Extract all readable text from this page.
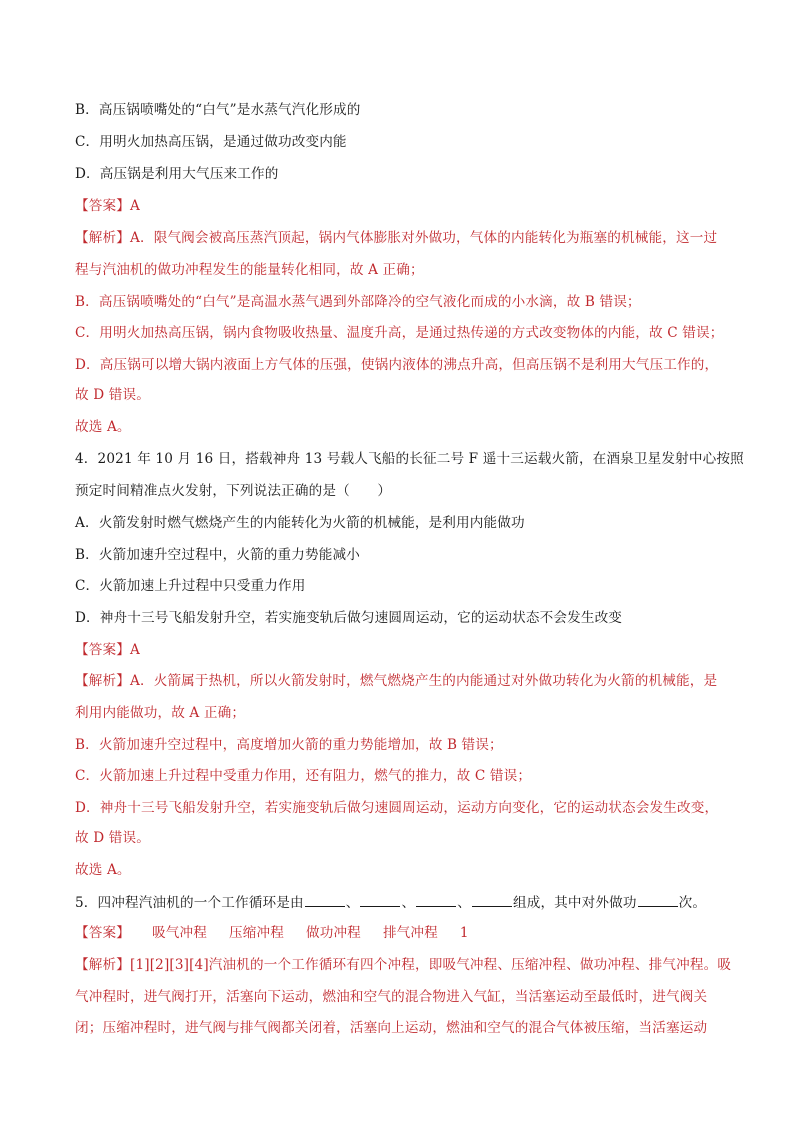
B．高压锅喷嘴处的“白气”是水蒸气汽化形成的
C．用明火加热高压锅，是通过做功改变内能
D．高压锅是利用大气压来工作的
【答案】A
【解析】A．限气阀会被高压蒸汽顶起，锅内气体膨胀对外做功，气体的内能转化为瓶塞的机械能，这一过
程与汽油机的做功冲程发生的能量转化相同，故 A 正确；
B．高压锅喷嘴处的“白气”是高温水蒸气遇到外部降冷的空气液化而成的小水滴，故 B 错误；
C．用明火加热高压锅，锅内食物吸收热量、温度升高，是通过热传递的方式改变物体的内能，故 C 错误；
D．高压锅可以增大锅内液面上方气体的压强，使锅内液体的沸点升高，但高压锅不是利用大气压工作的，
故 D 错误。
故选 A。
4．2021 年 10 月 16 日，搭载神舟 13 号载人飞船的长征二号 F 遥十三运载火箭，在酒泉卫星发射中心按照
预定时间精准点火发射，下列说法正确的是（　　）
A．火箭发射时燃气燃烧产生的内能转化为火箭的机械能，是利用内能做功
B．火箭加速升空过程中，火箭的重力势能减小
C．火箭加速上升过程中只受重力作用
D．神舟十三号飞船发射升空，若实施变轨后做匀速圆周运动，它的运动状态不会发生改变
【答案】A
【解析】A．火箭属于热机，所以火箭发射时，燃气燃烧产生的内能通过对外做功转化为火箭的机械能，是
利用内能做功，故 A 正确；
B．火箭加速升空过程中，高度增加火箭的重力势能增加，故 B 错误；
C．火箭加速上升过程中受重力作用，还有阻力，燃气的推力，故 C 错误；
D．神舟十三号飞船发射升空，若实施变轨后做匀速圆周运动，运动方向变化，它的运动状态会发生改变，
故 D 错误。
故选 A。
5．四冲程汽油机的一个工作循环是由	、	、	、	组成，其中对外做功	次。
【答案】 吸气冲程 压缩冲程 做功冲程 排气冲程 1
【解析】[1][2][3][4]汽油机的一个工作循环有四个冲程，即吸气冲程、压缩冲程、做功冲程、排气冲程。吸
气冲程时，进气阀打开，活塞向下运动，燃油和空气的混合物进入气缸，当活塞运动至最低时，进气阀关
闭；压缩冲程时，进气阀与排气阀都关闭着，活塞向上运动，燃油和空气的混合气体被压缩，当活塞运动
